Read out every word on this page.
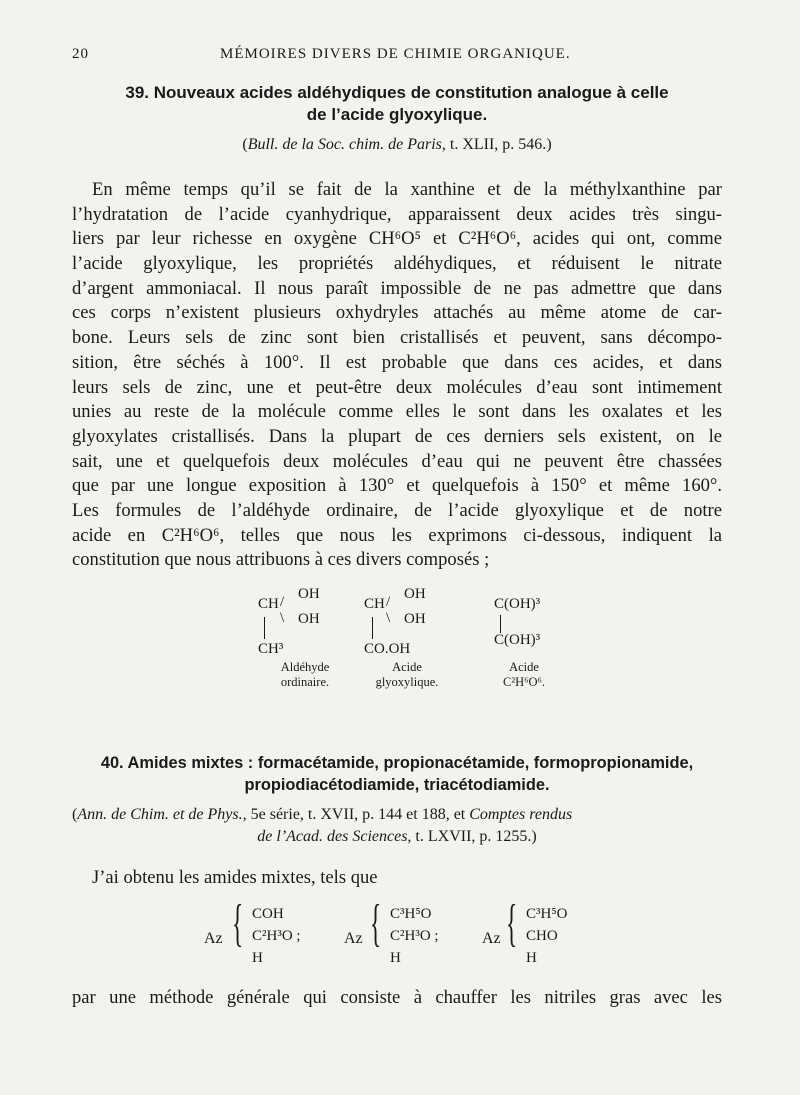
20	MÉMOIRES DIVERS DE CHIMIE ORGANIQUE.
39. Nouveaux acides aldéhydiques de constitution analogue à celle
de l’acide glyoxylique.
(Bull. de la Soc. chim. de Paris, t. XLII, p. 546.)
En même temps qu’il se fait de la xanthine et de la méthylxanthine par
l’hydratation de l’acide cyanhydrique, apparaissent deux acides très singu-
liers par leur richesse en oxygène CH⁶O⁵ et C²H⁶O⁶, acides qui ont, comme
l’acide glyoxylique, les propriétés aldéhydiques, et réduisent le nitrate
d’argent ammoniacal. Il nous paraît impossible de ne pas admettre que dans
ces corps n’existent plusieurs oxhydryles attachés au même atome de car-
bone. Leurs sels de zinc sont bien cristallisés et peuvent, sans décompo-
sition, être séchés à 100°. Il est probable que dans ces acides, et dans
leurs sels de zinc, une et peut-être deux molécules d’eau sont intimement
unies au reste de la molécule comme elles le sont dans les oxalates et les
glyoxylates cristallisés. Dans la plupart de ces derniers sels existent, on le
sait, une et quelquefois deux molécules d’eau qui ne peuvent être chassées
que par une longue exposition à 130° et quelquefois à 150° et même 160°.
Les formules de l’aldéhyde ordinaire, de l’acide glyoxylique et de notre
acide en C²H⁶O⁶, telles que nous les exprimons ci-dessous, indiquent la
constitution que nous attribuons à ces divers composés ;
OH
CH /
\ OH
CH³
Aldéhyde
ordinaire.
OH
CH /
\ OH
CO.OH
Acide
glyoxylique.
C(OH)³
C(OH)³
Acide
C²H⁶O⁶.
40. Amides mixtes : formacétamide, propionacétamide, formopropionamide,
propiodiacétodiamide, triacétodiamide.
(Ann. de Chim. et de Phys., 5e série, t. XVII, p. 144 et 188, et Comptes rendus
de l’Acad. des Sciences, t. LXVII, p. 1255.)
J’ai obtenu les amides mixtes, tels que
Az { COH
C²H³O ;
H
Az { C³H⁵O
C²H³O ;
H
Az { C³H⁵O
CHO
H
par une méthode générale qui consiste à chauffer les nitriles gras avec les
